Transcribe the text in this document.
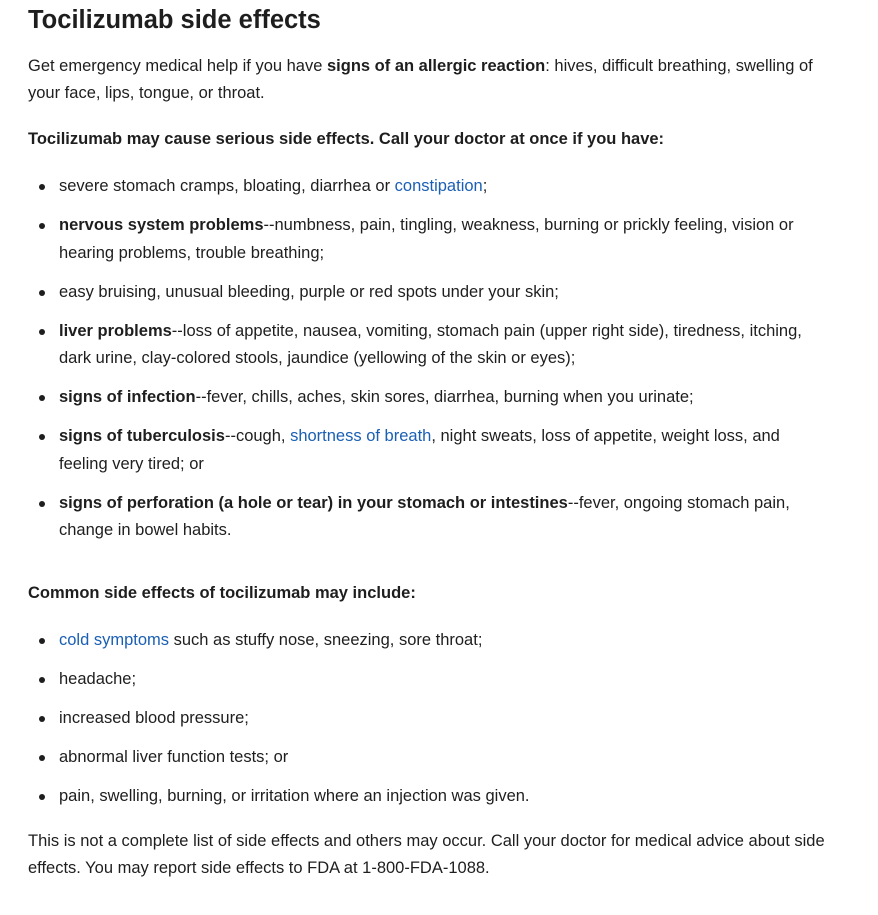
Tocilizumab side effects

Get emergency medical help if you have signs of an allergic reaction: hives, difficult breathing, swelling of your face, lips, tongue, or throat.

Tocilizumab may cause serious side effects. Call your doctor at once if you have:

severe stomach cramps, bloating, diarrhea or constipation;
nervous system problems--numbness, pain, tingling, weakness, burning or prickly feeling, vision or hearing problems, trouble breathing;
easy bruising, unusual bleeding, purple or red spots under your skin;
liver problems--loss of appetite, nausea, vomiting, stomach pain (upper right side), tiredness, itching, dark urine, clay-colored stools, jaundice (yellowing of the skin or eyes);
signs of infection--fever, chills, aches, skin sores, diarrhea, burning when you urinate;
signs of tuberculosis--cough, shortness of breath, night sweats, loss of appetite, weight loss, and feeling very tired; or
signs of perforation (a hole or tear) in your stomach or intestines--fever, ongoing stomach pain, change in bowel habits.

Common side effects of tocilizumab may include:

cold symptoms such as stuffy nose, sneezing, sore throat;
headache;
increased blood pressure;
abnormal liver function tests; or
pain, swelling, burning, or irritation where an injection was given.

This is not a complete list of side effects and others may occur. Call your doctor for medical advice about side effects. You may report side effects to FDA at 1-800-FDA-1088.
